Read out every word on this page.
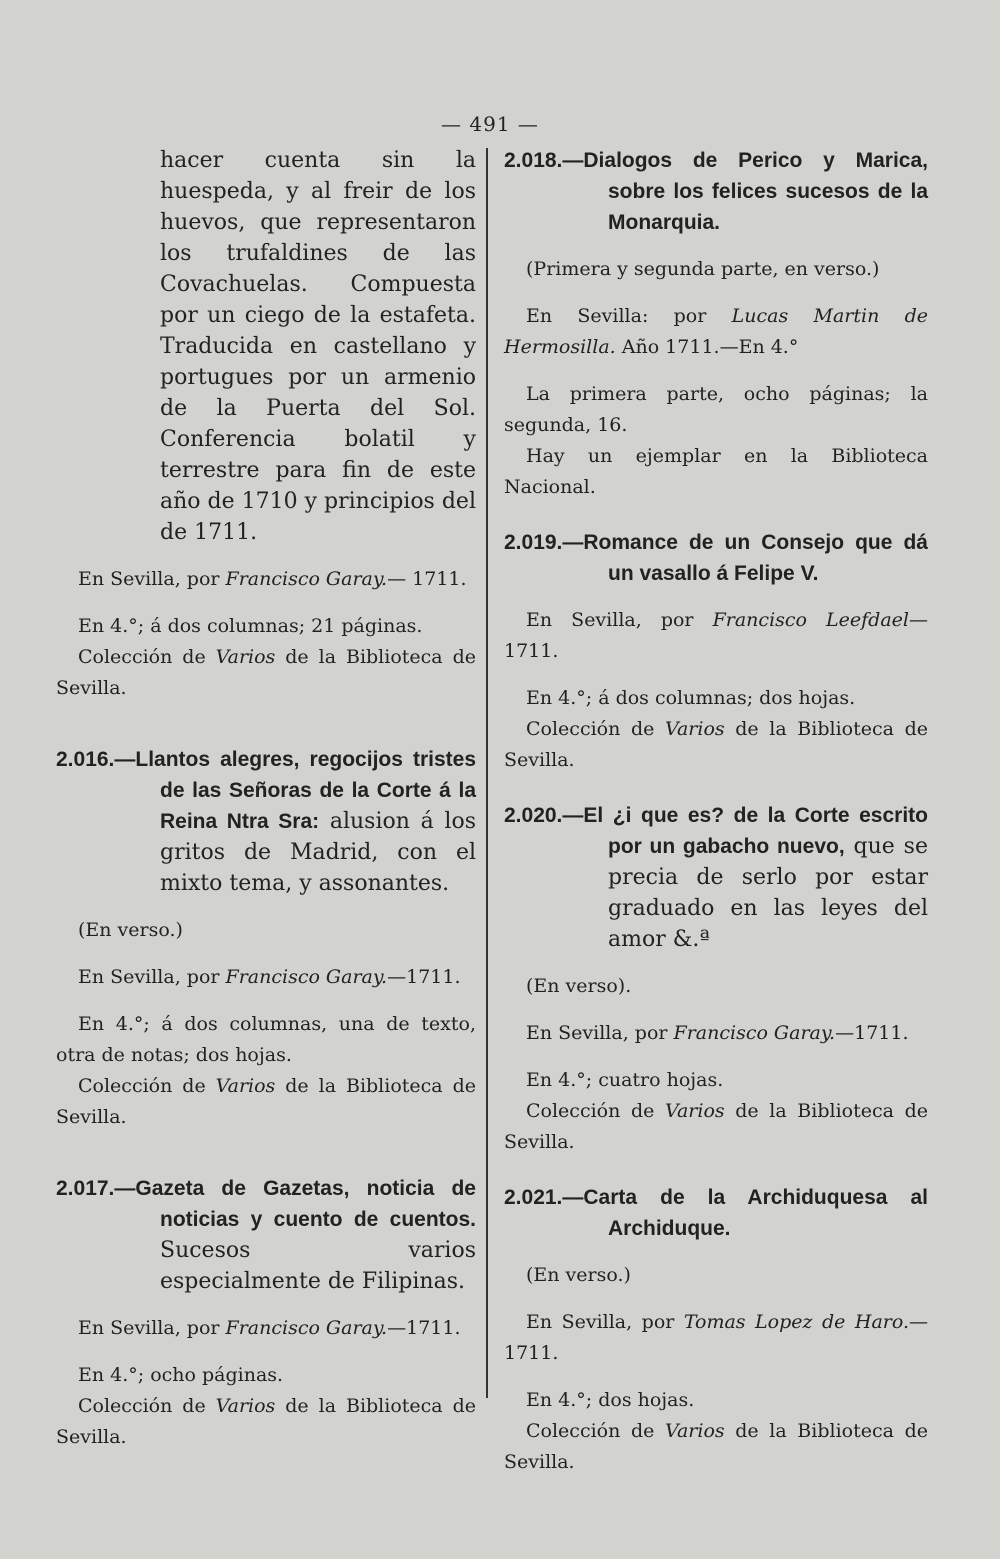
— 491 —

hacer cuenta sin la huespeda, y al freir de los huevos, que representaron los trufaldines de las Covachuelas. Compuesta por un ciego de la estafeta. Traducida en castellano y portugues por un armenio de la Puerta del Sol. Conferencia bolatil y terrestre para fin de este año de 1710 y principios del de 1711.

En Sevilla, por Francisco Garay.— 1711.

En 4.°; á dos columnas; 21 páginas.

Colección de Varios de la Biblioteca de Sevilla.

2.016.—Llantos alegres, regocijos tristes de las Señoras de la Corte á la Reina Ntra Sra: alusion á los gritos de Madrid, con el mixto tema, y assonantes.

(En verso.)

En Sevilla, por Francisco Garay.—1711.

En 4.°; á dos columnas, una de texto, otra de notas; dos hojas.

Colección de Varios de la Biblioteca de Sevilla.

2.017.—Gazeta de Gazetas, noticia de noticias y cuento de cuentos. Sucesos varios especialmente de Filipinas.

En Sevilla, por Francisco Garay.—1711.

En 4.°; ocho páginas.

Colección de Varios de la Biblioteca de Sevilla.

2.018.—Dialogos de Perico y Marica, sobre los felices sucesos de la Monarquia.

(Primera y segunda parte, en verso.)

En Sevilla: por Lucas Martin de Hermosilla. Año 1711.—En 4.°

La primera parte, ocho páginas; la segunda, 16.

Hay un ejemplar en la Biblioteca Nacional.

2.019.—Romance de un Consejo que dá un vasallo á Felipe V.

En Sevilla, por Francisco Leefdael—1711.

En 4.°; á dos columnas; dos hojas.

Colección de Varios de la Biblioteca de Sevilla.

2.020.—El ¿i que es? de la Corte escrito por un gabacho nuevo, que se precia de serlo por estar graduado en las leyes del amor &.ª

(En verso).

En Sevilla, por Francisco Garay.—1711.

En 4.°; cuatro hojas.

Colección de Varios de la Biblioteca de Sevilla.

2.021.—Carta de la Archiduquesa al Archiduque.

(En verso.)

En Sevilla, por Tomas Lopez de Haro.—1711.

En 4.°; dos hojas.

Colección de Varios de la Biblioteca de Sevilla.
